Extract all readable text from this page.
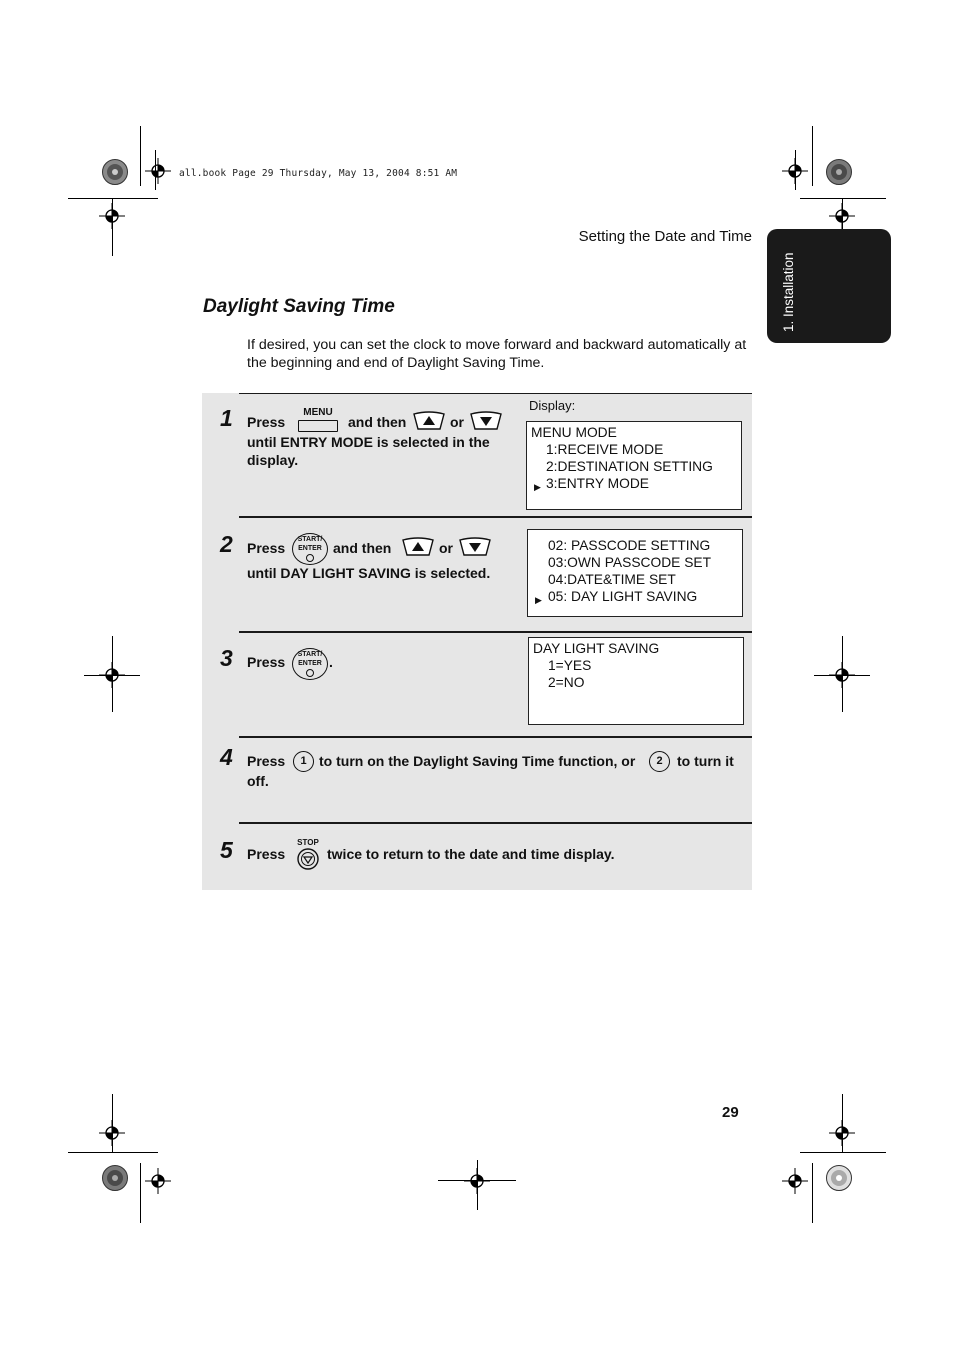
all.book Page 29 Thursday, May 13, 2004 8:51 AM
Setting the Date and Time
1. Installation
Daylight Saving Time
If desired, you can set the clock to move forward and backward automatically at the beginning and end of Daylight Saving Time.
Display:
1 Press
MENU
and then	or
until ENTRY MODE is selected in the
display.
MENU MODE
1:RECEIVE MODE
2:DESTINATION SETTING
▶ 3:ENTRY MODE
2 Press
START/
ENTER and then	or
until DAY LIGHT SAVING is selected.
02: PASSCODE SETTING
03:OWN PASSCODE SET
04:DATE&TIME SET
▶ 05: DAY LIGHT SAVING
3 Press	START/
ENTER .
DAY LIGHT SAVING
1=YES
2=NO
4 Press	1 to turn on the Daylight Saving Time function, or	2	to turn it
off.
5 Press
STOP
twice to return to the date and time display.
29
